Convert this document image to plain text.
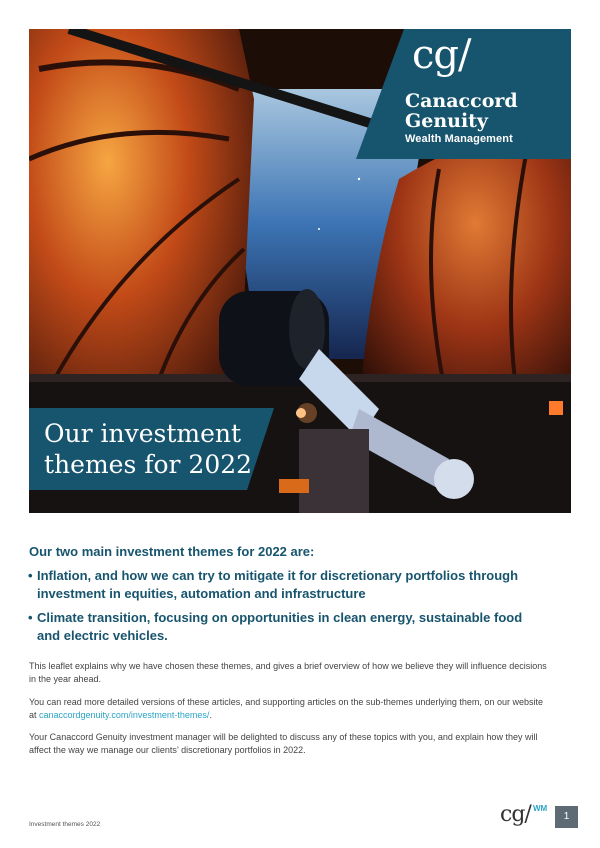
cg/
Canaccord
Genuity
Wealth Management
Our investment themes for 2022
Our two main investment themes for 2022 are:
• Inflation, and how we can try to mitigate it for discretionary portfolios through investment in equities, automation and infrastructure
• Climate transition, focusing on opportunities in clean energy, sustainable food and electric vehicles.

This leaflet explains why we have chosen these themes, and gives a brief overview of how we believe they will influence decisions in the year ahead.

You can read more detailed versions of these articles, and supporting articles on the sub-themes underlying them, on our website at canaccordgenuity.com/investment-themes/.

Your Canaccord Genuity investment manager will be delighted to discuss any of these topics with you, and explain how they will affect the way we manage our clients’ discretionary portfolios in 2022.

Investment themes 2022	cg/ WM
1
